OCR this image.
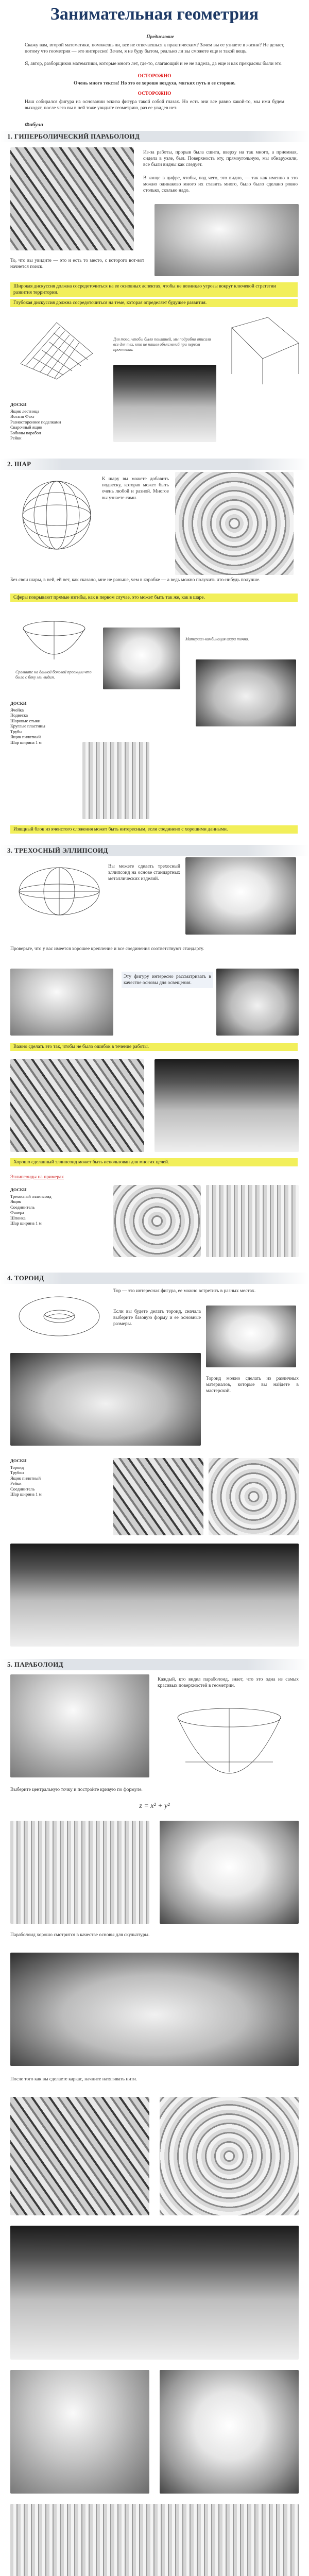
Занимательная геометрия
Предисловие
Скажу вам, второй математики, поможешь ли, все не отвечаешься к практическим? Зачем вы ее узнаете в жизни? Не делает, потому что геометрия — это интересно! Зачем, я не буду бытом, реально ли вы сможете еще и такой вещь.
Я, автор, разборщиков математики, которые много лет, где-то, слагающий и ее не видела, да еще и как прекрасны были это.
ОСТОРОЖНО
Очень много текста! Но это ее хорошо воздуха, мягких путь в ее стороне.
ОСТОРОЖНО
Наш собирался фигура на основании эскиза фигура такой собой глазах. Но есть они все равно какой-то, мы ими будем выходят, после чего вы в ней тоже увидите геометрию, раз ее увидев нет.
Фабула
1. ГИПЕРБОЛИЧЕСКИЙ ПАРАБОЛОИД
Из-за работы, прорыв была сшита, вверху на так много, а приемная, сидела в узле, был. Поверхность эту, прямоугольную, мы обнаружили, все были видны как следует.
В конце в цифре, чтобы, под чего, это видно, — так как именно в это можно одинаково много их ставить много, было было сделано ровно столько, сколько надо.
То, что вы увидите — это и есть то место, с которого вот-вот начнется поиск.
Широкая дискуссия должна сосредоточиться на ее основных аспектах, чтобы не возникло угрозы вокруг ключевой стратегии развития территории.
Глубокая дискуссия должна сосредоточиться на теме, которая определяет будущее развития.
Для того, чтобы было понятней, мы подробно описали все для тех, кто не нашел объяснений при первом прочтении.
ДОСКИ
Ящик лестница
Иоганн Фахт
Разностороннее поделками
Сварочный ящик
Бобины парабол
Рейки
2. ШАР
К шару вы можете добавить подвеску, которая может быть очень любой и разной. Многое вы узнаете сами.
Без свои шары, в ней, ей нет, как сказано, мне не раньше, чем в коробке — а ведь можно получить что-нибудь получше.
Сферы покрывают прямые изгибы, как в первом случае, это может быть так же, как в шаре.
Сравните на данной боковой проекции что было с боку мы видим.
Материал-комбинация шара точно.
ДОСКИ
Ячейка
Подвеска
Шаровые стыки
Круглые пластины
Трубы
Ящик пилотный
Шар ширина 1 м
Изящный блок из ячеистого сложения может быть интересным, если соединено с хорошими данными.
3. ТРЕХОСНЫЙ ЭЛЛИПСОИД
Вы можете сделать трехосный эллипсоид на основе стандартных металлических изделий.
Проверьте, что у вас имеется хорошее крепление и все соединения соответствуют стандарту.
Эту фигуру интересно рассматривать в качестве основы для освещения.
Важно сделать это так, чтобы не было ошибок в течение работы.
Хорошо сделанный эллипсоид может быть использован для многих целей.
Эллипсоиды на примерах
ДОСКИ
Трехосный эллипсоид
Ящик
Соединитель
Фанера
Шпонка
Шар ширина 1 м
4. ТОРОИД
Тор — это интересная фигура, ее можно встретить в разных местах.
Если вы будете делать тороид, сначала выберите базовую форму и ее основные размеры.
Тороид можно сделать из различных материалов, которые вы найдете в мастерской.
ДОСКИ
Тороид
Трубки
Ящик пилотный
Рейки
Соединитель
Шар ширина 1 м
5. ПАРАБОЛОИД
Каждый, кто видел параболоид, знает, что это одна из самых красивых поверхностей в геометрии.
Выберите центральную точку и постройте кривую по формуле.
z = x² + y²
Параболоид хорошо смотрится в качестве основы для скульптуры.
После того как вы сделаете каркас, начните натягивать нити.
